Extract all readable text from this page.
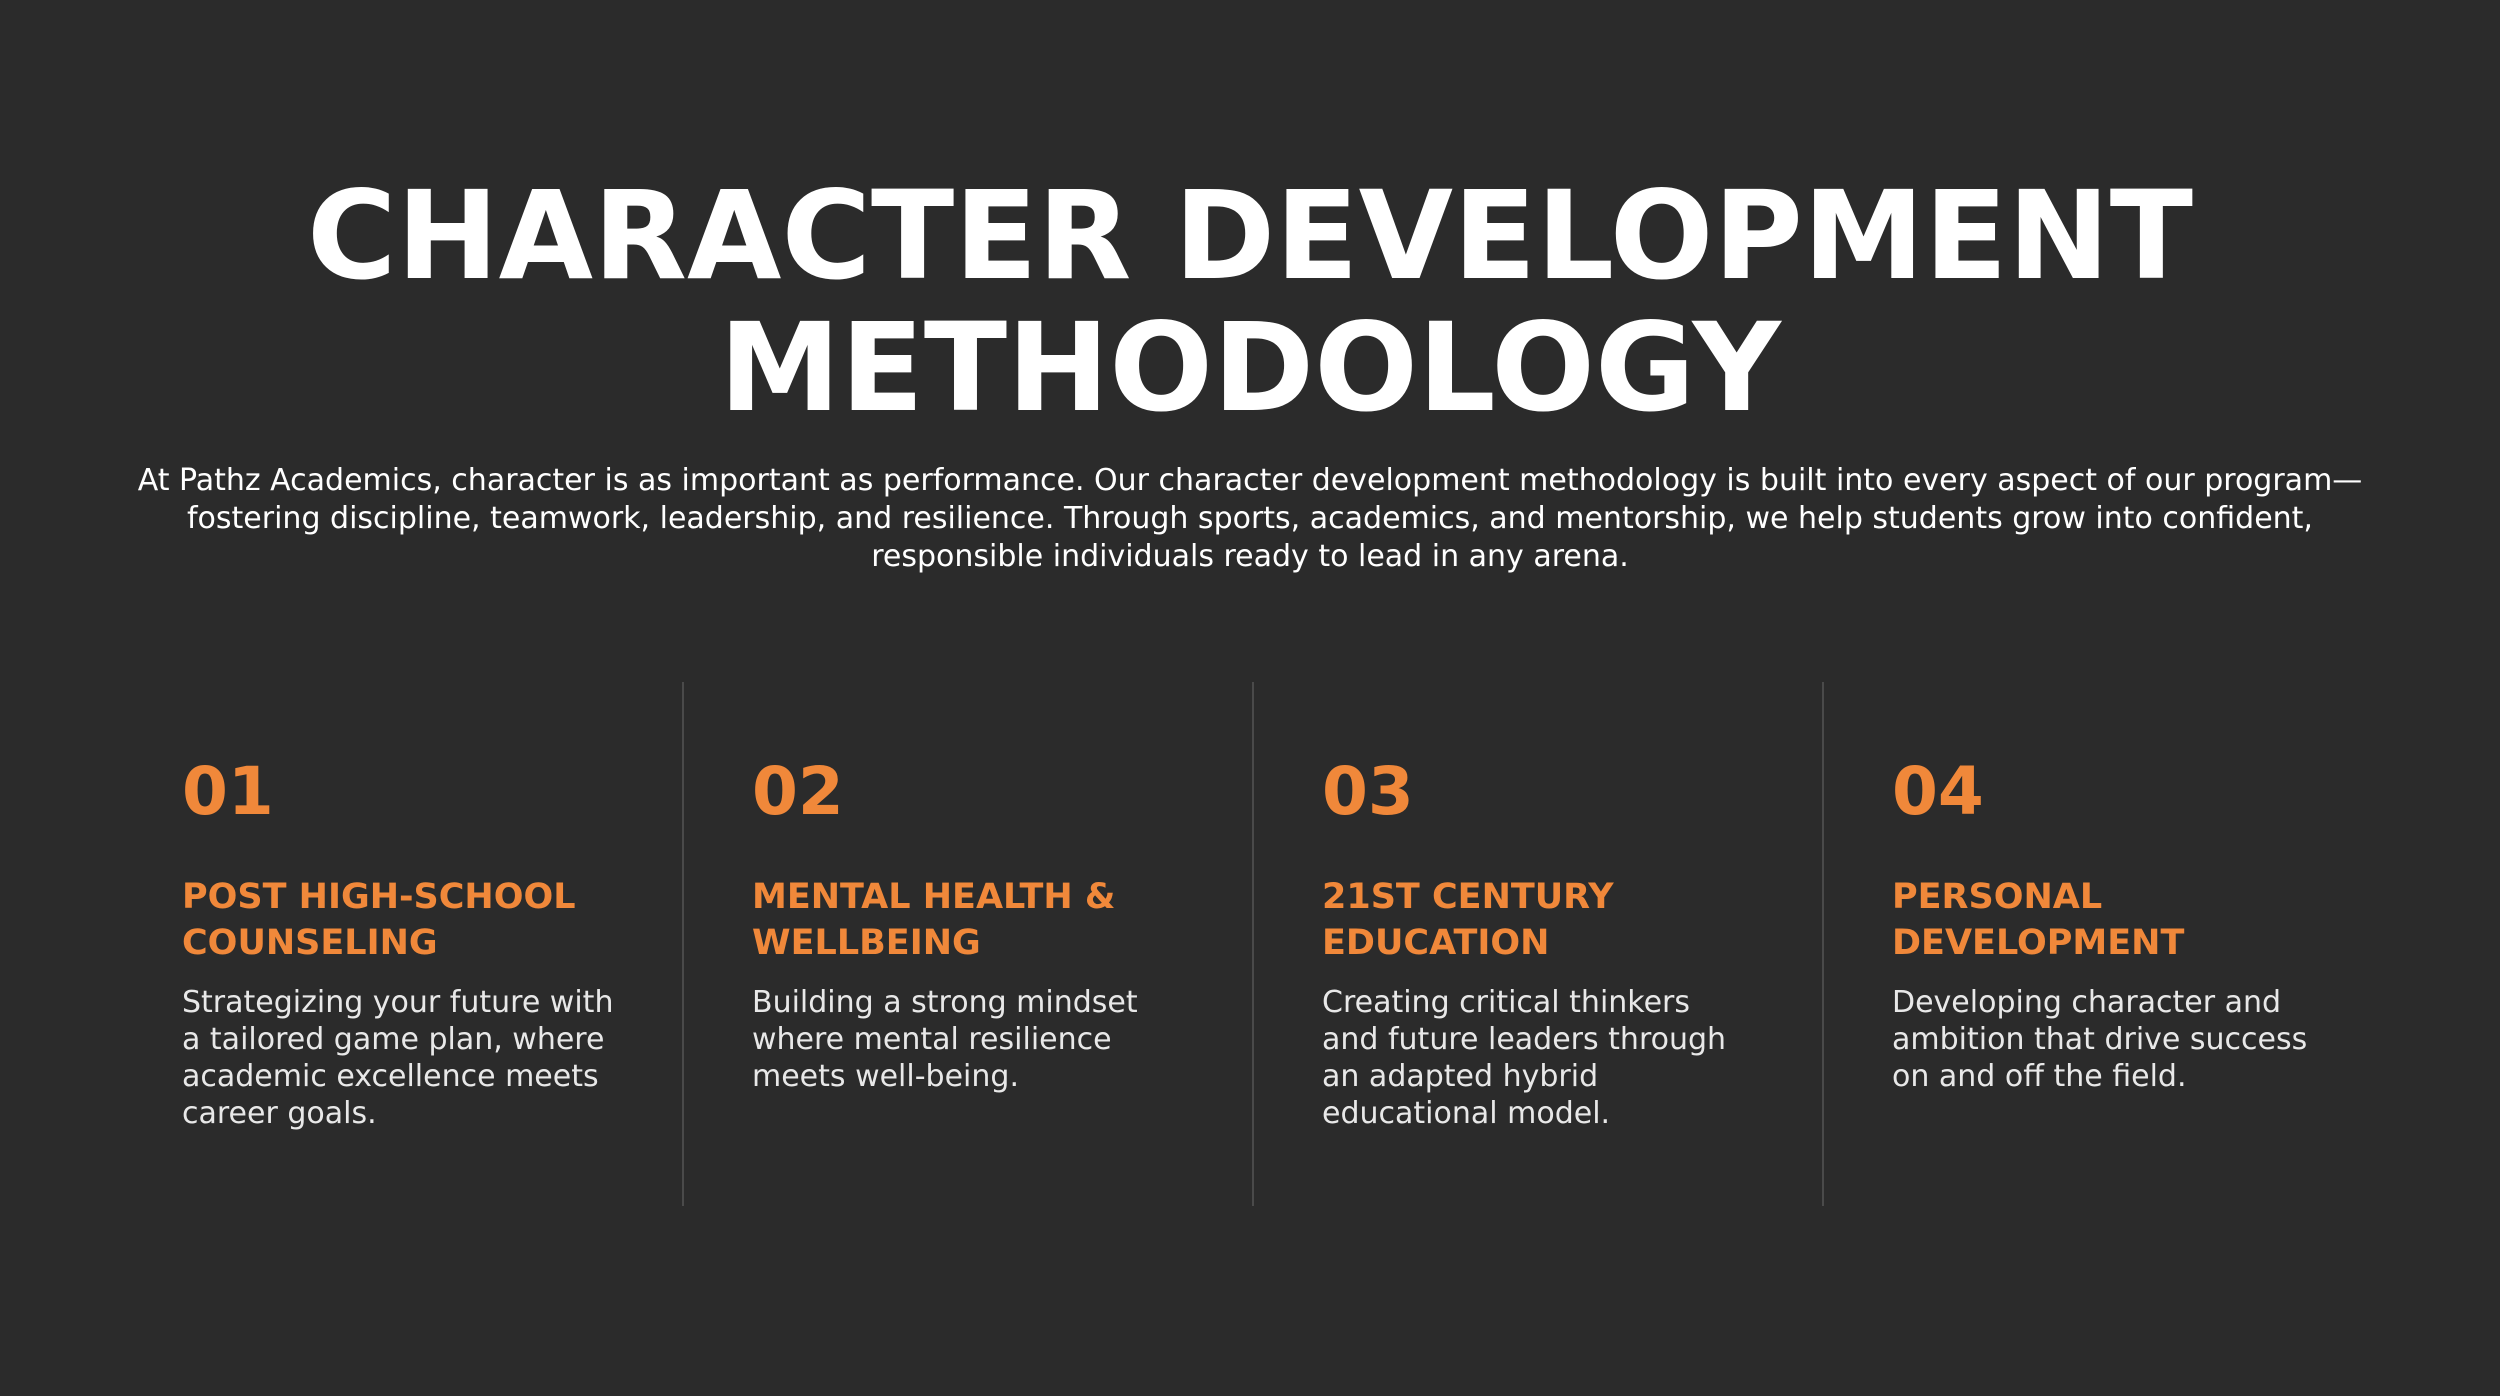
CHARACTER DEVELOPMENT
METHODOLOGY

At Pathz Academics, character is as important as performance. Our character development methodology is built into every aspect of our program—fostering discipline, teamwork, leadership, and resilience. Through sports, academics, and mentorship, we help students grow into confident, responsible individuals ready to lead in any arena.

01
POST HIGH-SCHOOL
COUNSELING

Strategizing your future with
a tailored game plan, where
academic excellence meets
career goals.

02
MENTAL HEALTH &
WELLBEING

Building a strong mindset
where mental resilience
meets well-being.

03
21ST CENTURY
EDUCATION

Creating critical thinkers
and future leaders through
an adapted hybrid
educational model.

04
PERSONAL
DEVELOPMENT

Developing character and
ambition that drive success
on and off the field.
